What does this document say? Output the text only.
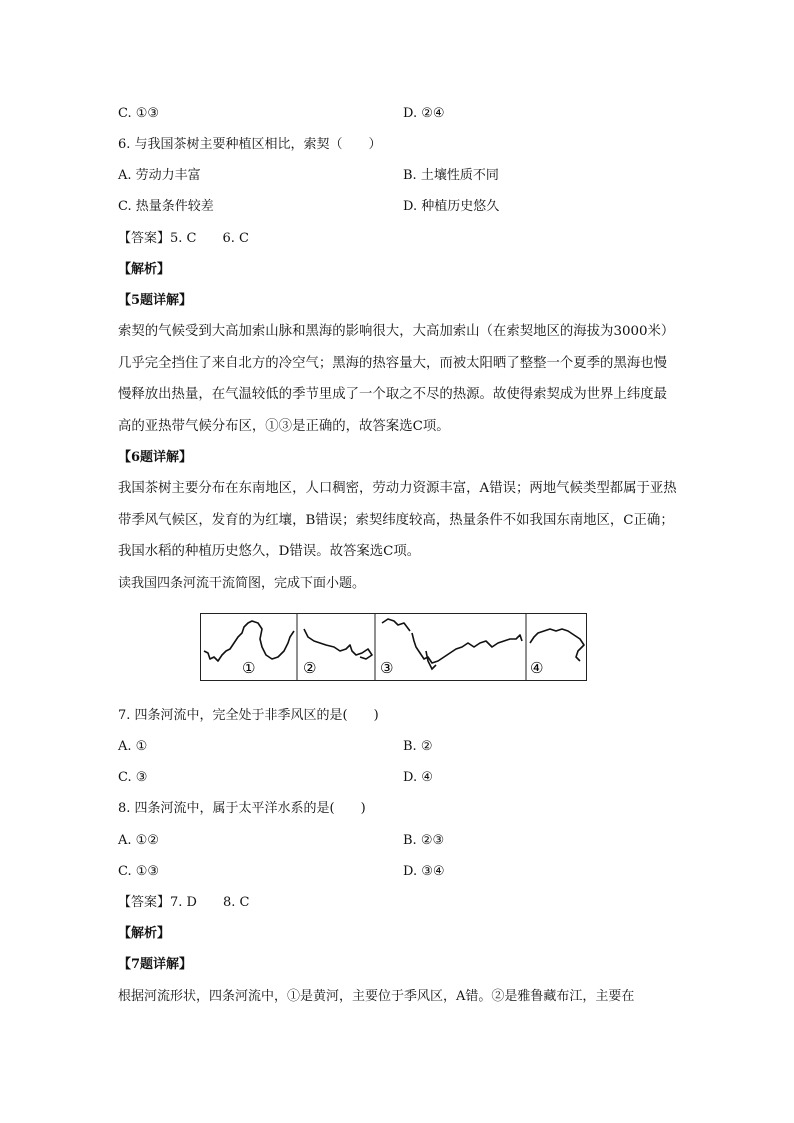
C. ①③	D. ②④
6. 与我国茶树主要种植区相比，索契（　　）
A. 劳动力丰富	B. 土壤性质不同
C. 热量条件较差	D. 种植历史悠久
【答案】5. C　　6. C
【解析】
【5题详解】
索契的气候受到大高加索山脉和黑海的影响很大，大高加索山（在索契地区的海拔为3000米）几乎完全挡住了来自北方的冷空气；黑海的热容量大，而被太阳晒了整整一个夏季的黑海也慢慢释放出热量，在气温较低的季节里成了一个取之不尽的热源。故使得索契成为世界上纬度最高的亚热带气候分布区，①③是正确的，故答案选C项。
【6题详解】
我国茶树主要分布在东南地区，人口稠密，劳动力资源丰富，A错误；两地气候类型都属于亚热带季风气候区，发育的为红壤，B错误；索契纬度较高，热量条件不如我国东南地区，C正确；我国水稻的种植历史悠久，D错误。故答案选C项。
读我国四条河流干流简图，完成下面小题。
①	②	③	④
7. 四条河流中，完全处于非季风区的是(　　)
A. ①	B. ②
C. ③	D. ④
8. 四条河流中，属于太平洋水系的是(　　)
A. ①②	B. ②③
C. ①③	D. ③④
【答案】7. D　　8. C
【解析】
【7题详解】
根据河流形状，四条河流中，①是黄河，主要位于季风区，A错。②是雅鲁藏布江，主要在
